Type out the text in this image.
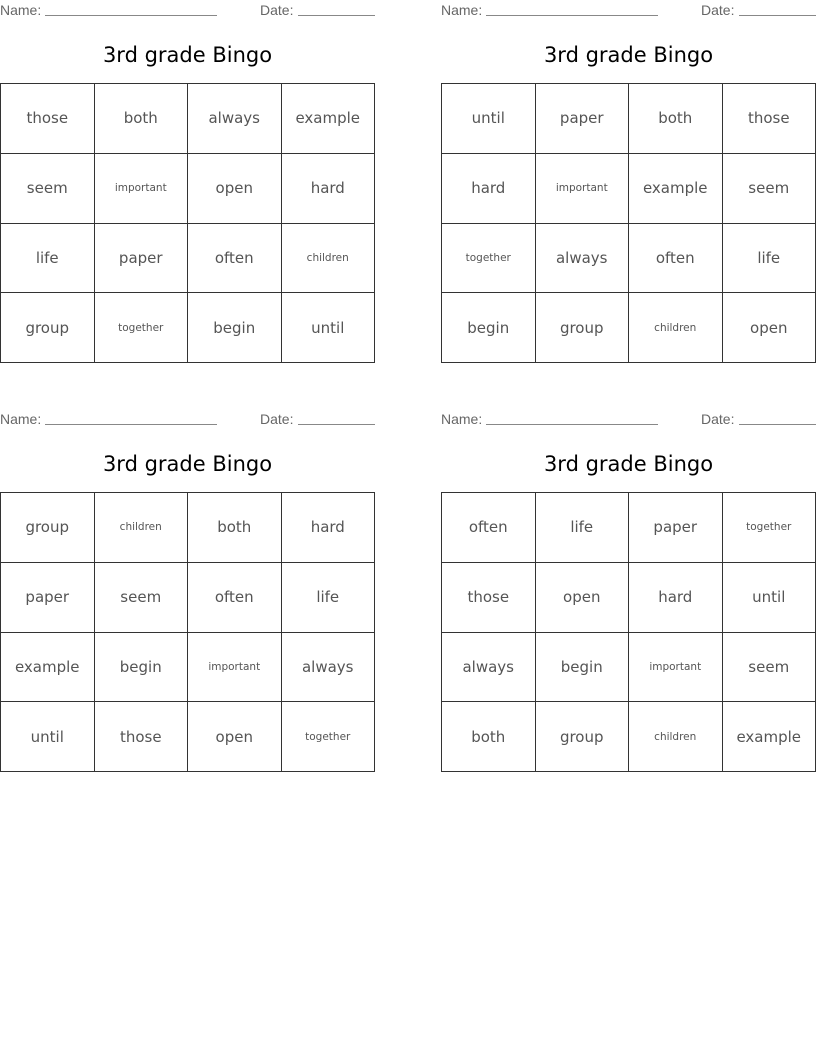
Name:	Date:
3rd grade Bingo
those	both	always	example
seem	important	open	hard
life	paper	often	children
group	together	begin	until
Name:	Date:
3rd grade Bingo
until	paper	both	those
hard	important	example	seem
together	always	often	life
begin	group	children	open
Name:	Date:
3rd grade Bingo
group	children	both	hard
paper	seem	often	life
example	begin	important	always
until	those	open	together
Name:	Date:
3rd grade Bingo
often	life	paper	together
those	open	hard	until
always	begin	important	seem
both	group	children	example
